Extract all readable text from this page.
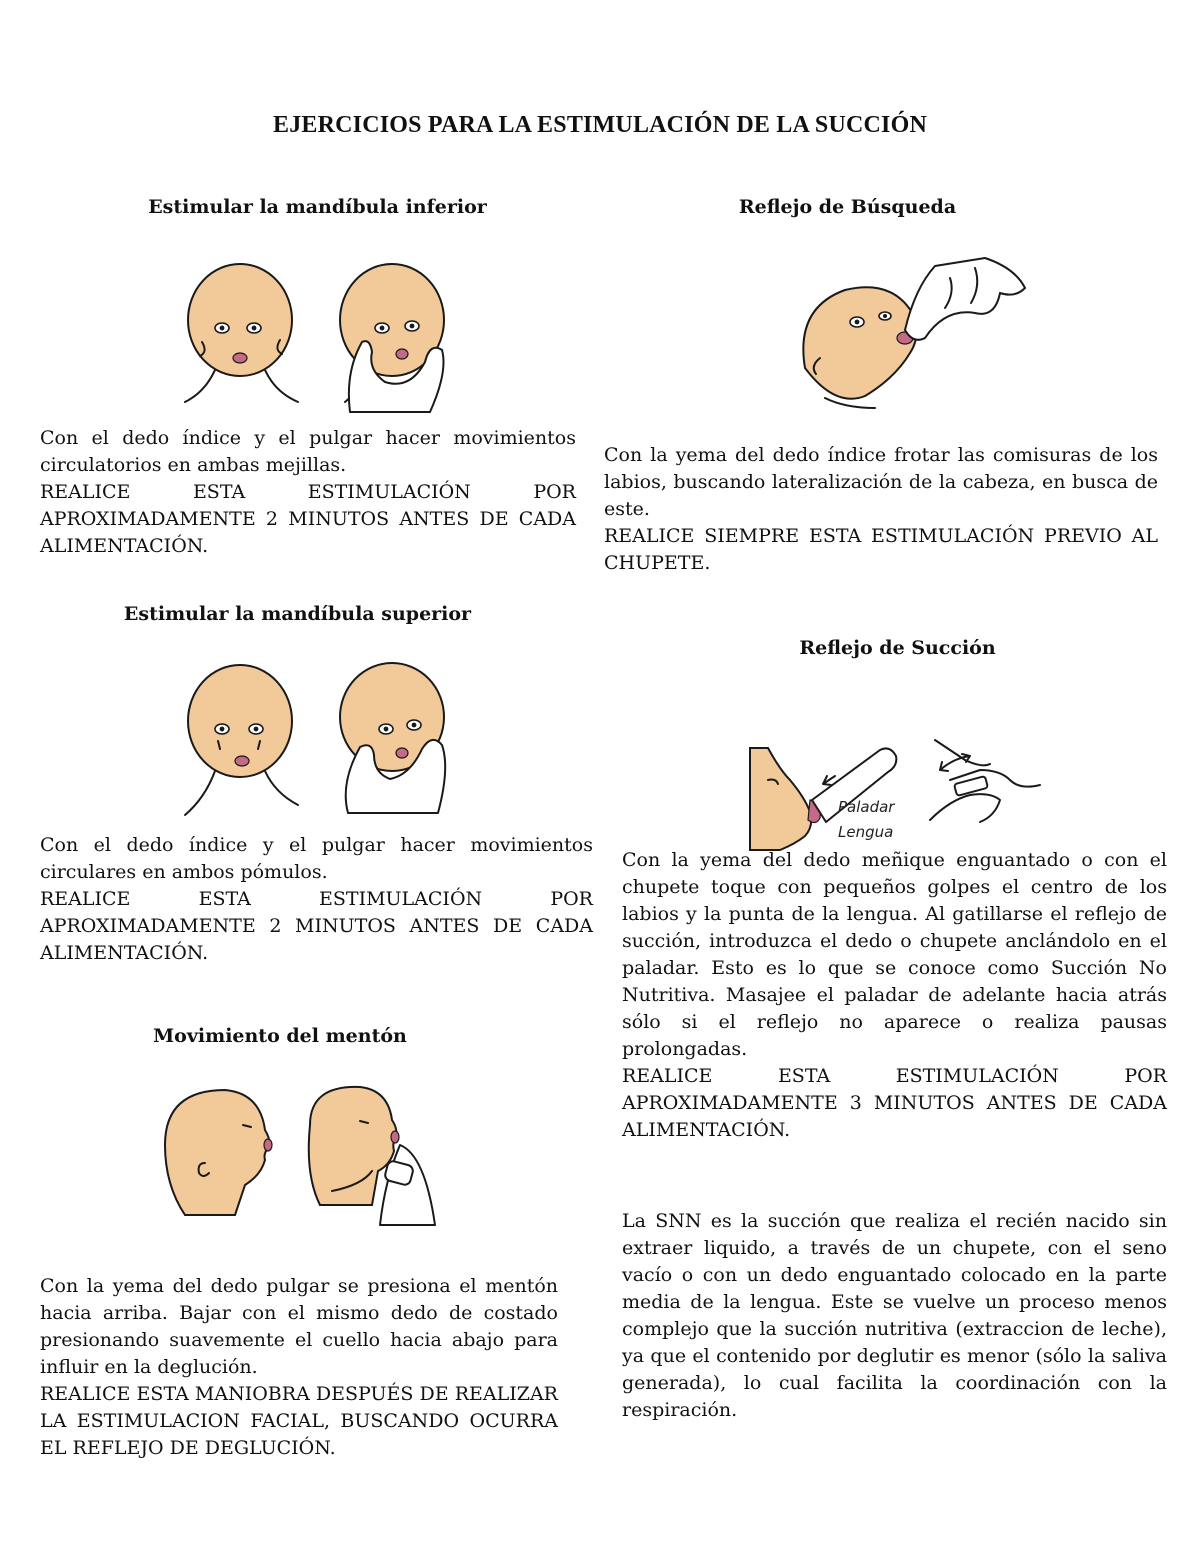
EJERCICIOS PARA LA ESTIMULACIÓN DE LA SUCCIÓN
Estimular la mandíbula inferior

Con el dedo índice y el pulgar hacer movimientos circulatorios en ambas mejillas.

REALICE ESTA ESTIMULACIÓN POR APROXIMADAMENTE 2 MINUTOS ANTES DE CADA ALIMENTACIÓN.

Estimular la mandíbula superior

Con el dedo índice y el pulgar hacer movimientos circulares en ambos pómulos.

REALICE ESTA ESTIMULACIÓN POR APROXIMADAMENTE 2 MINUTOS ANTES DE CADA ALIMENTACIÓN.

Movimiento del mentón

Con la yema del dedo pulgar se presiona el mentón hacia arriba. Bajar con el mismo dedo de costado presionando suavemente el cuello hacia abajo para influir en la deglución.

REALICE ESTA MANIOBRA DESPUÉS DE REALIZAR LA ESTIMULACION FACIAL, BUSCANDO OCURRA EL REFLEJO DE DEGLUCIÓN.

Reflejo de Búsqueda

Con la yema del dedo índice frotar las comisuras de los labios, buscando lateralización de la cabeza, en busca de este.

REALICE SIEMPRE ESTA ESTIMULACIÓN PREVIO AL CHUPETE.

Reflejo de Succión
Paladar
Lengua

Con la yema del dedo meñique enguantado o con el chupete toque con pequeños golpes el centro de los labios y la punta de la lengua. Al gatillarse el reflejo de succión, introduzca el dedo o chupete anclándolo en el paladar. Esto es lo que se conoce como Succión No Nutritiva. Masajee el paladar de adelante hacia atrás sólo si el reflejo no aparece o realiza pausas prolongadas.

REALICE ESTA ESTIMULACIÓN POR APROXIMADAMENTE 3 MINUTOS ANTES DE CADA ALIMENTACIÓN.

La SNN es la succión que realiza el recién nacido sin extraer liquido, a través de un chupete, con el seno vacío o con un dedo enguantado colocado en la parte media de la lengua. Este se vuelve un proceso menos complejo que la succión nutritiva (extraccion de leche), ya que el contenido por deglutir es menor (sólo la saliva generada), lo cual facilita la coordinación con la respiración.
